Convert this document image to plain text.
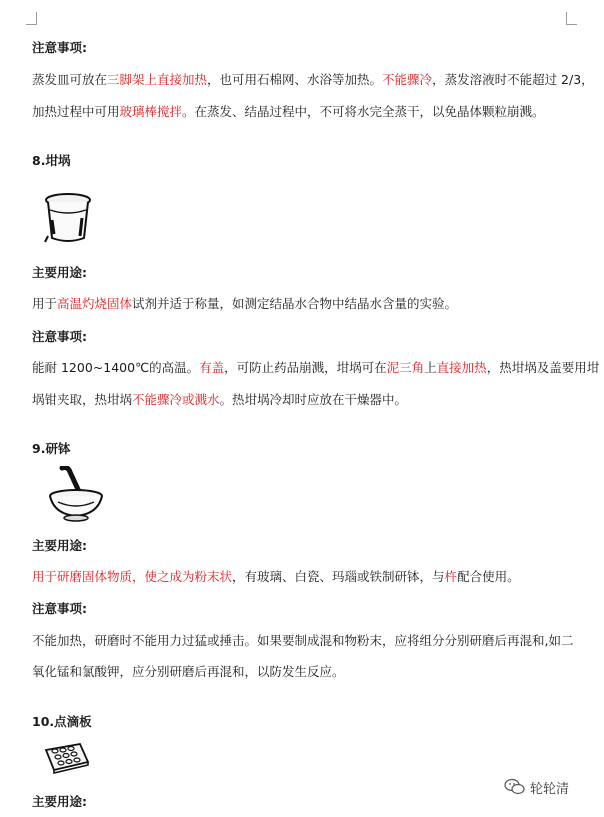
注意事项:
蒸发皿可放在三脚架上直接加热，也可用石棉网、水浴等加热。不能骤冷，蒸发溶液时不能超过 2/3，
加热过程中可用玻璃棒搅拌。在蒸发、结晶过程中，不可将水完全蒸干，以免晶体颗粒崩溅。
8.坩埚
主要用途:
用于高温灼烧固体试剂并适于称量，如测定结晶水合物中结晶水含量的实验。
注意事项:
能耐 1200~1400℃的高温。有盖，可防止药品崩溅，坩埚可在泥三角上直接加热，热坩埚及盖要用坩
埚钳夹取，热坩埚不能骤冷或溅水。热坩埚冷却时应放在干燥器中。
9.研钵
主要用途:
用于研磨固体物质，使之成为粉末状，有玻璃、白瓷、玛瑙或铁制研钵，与杵配合使用。
注意事项:
不能加热，研磨时不能用力过猛或捶击。如果要制成混和物粉末，应将组分分别研磨后再混和,如二
氧化锰和氯酸钾，应分别研磨后再混和，以防发生反应。
10.点滴板
主要用途:
轮轮清
